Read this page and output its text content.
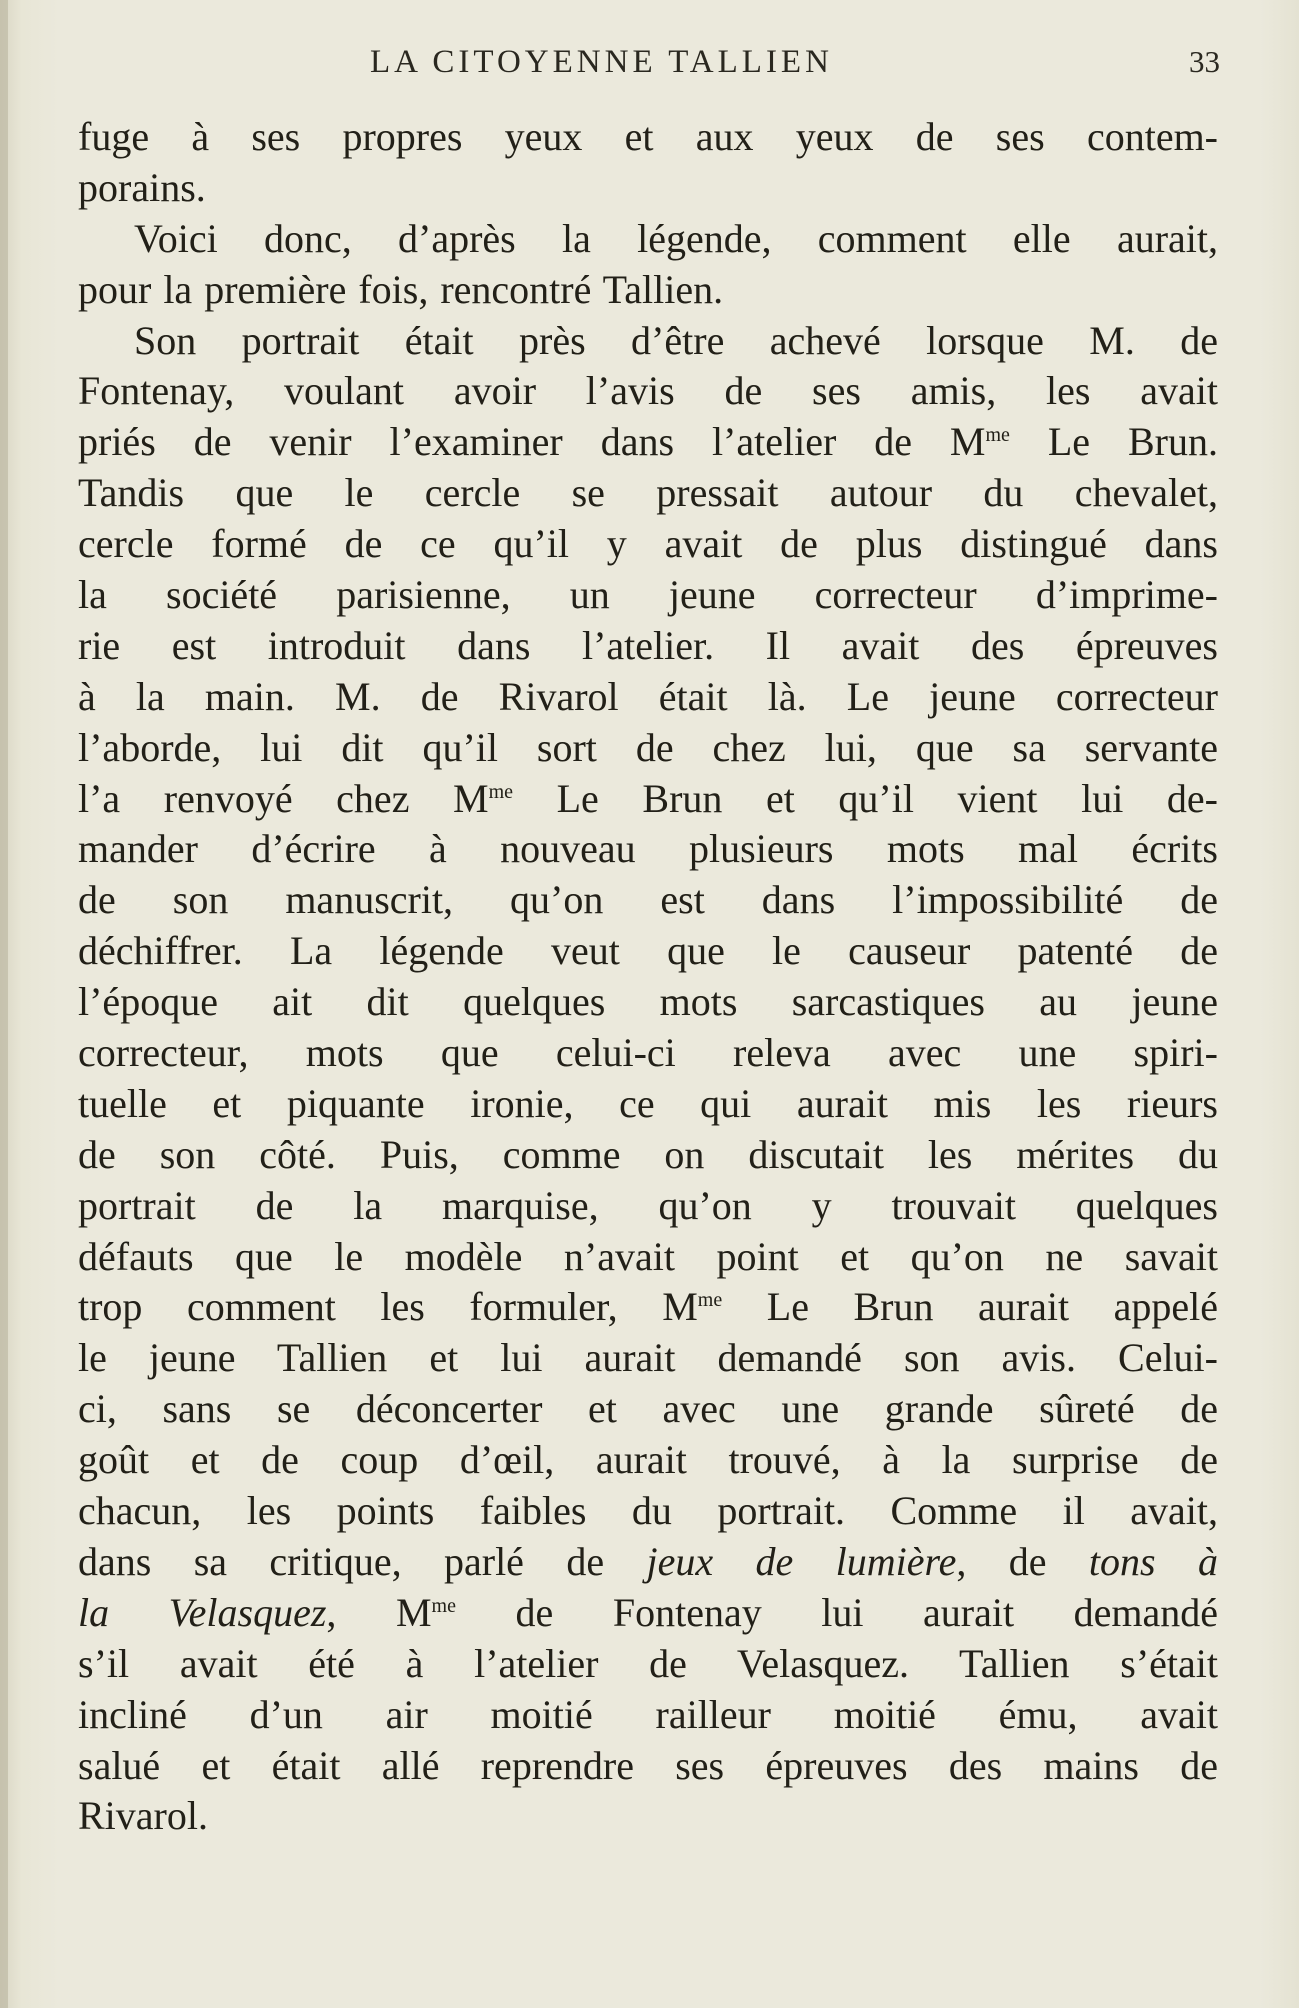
LA CITOYENNE TALLIEN	33
fuge à ses propres yeux et aux yeux de ses contem-
porains.
Voici donc, d’après la légende, comment elle aurait,
pour la première fois, rencontré Tallien.
Son portrait était près d’être achevé lorsque M. de
Fontenay, voulant avoir l’avis de ses amis, les avait
priés de venir l’examiner dans l’atelier de $M^{me}$ Le Brun.
Tandis que le cercle se pressait autour du chevalet,
cercle formé de ce qu’il y avait de plus distingué dans
la société parisienne, un jeune correcteur d’imprime-
rie est introduit dans l’atelier. Il avait des épreuves
à la main. M. de Rivarol était là. Le jeune correcteur
l’aborde, lui dit qu’il sort de chez lui, que sa servante
l’a renvoyé chez $M^{me}$ Le Brun et qu’il vient lui de-
mander d’écrire à nouveau plusieurs mots mal écrits
de son manuscrit, qu’on est dans l’impossibilité de
déchiffrer. La légende veut que le causeur patenté de
l’époque ait dit quelques mots sarcastiques au jeune
correcteur, mots que celui-ci releva avec une spiri-
tuelle et piquante ironie, ce qui aurait mis les rieurs
de son côté. Puis, comme on discutait les mérites du
portrait de la marquise, qu’on y trouvait quelques
défauts que le modèle n’avait point et qu’on ne savait
trop comment les formuler, $M^{me}$ Le Brun aurait appelé
le jeune Tallien et lui aurait demandé son avis. Celui-
ci, sans se déconcerter et avec une grande sûreté de
goût et de coup d’œil, aurait trouvé, à la surprise de
chacun, les points faibles du portrait. Comme il avait,
dans sa critique, parlé de jeux de lumière, de tons à
la Velasquez, $M^{me}$ de Fontenay lui aurait demandé
s’il avait été à l’atelier de Velasquez. Tallien s’était
incliné d’un air moitié railleur moitié ému, avait
salué et était allé reprendre ses épreuves des mains de
Rivarol.
